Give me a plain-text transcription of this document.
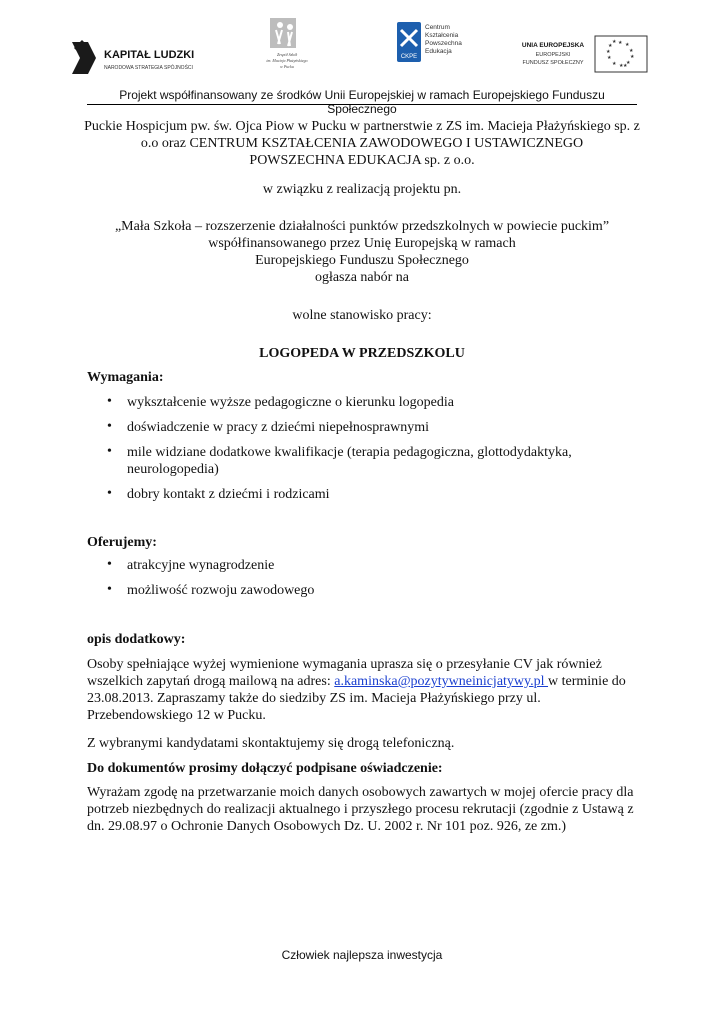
KAPITAŁ LUDZKI
NARODOWA STRATEGIA SPÓJNOŚCI
Zespół Szkół
im. Macieja Płażyńskiego
w Pucku
CKPE
Centrum
Kształcenia
Powszechna
Edukacja
UNIA EUROPEJSKA
EUROPEJSKI
FUNDUSZ SPOŁECZNY
★ ★
★
★
★
★
★
★
★
★
★
★
Projekt współfinansowany ze środków Unii Europejskiej w ramach Europejskiego Funduszu Społecznego
Puckie Hospicjum pw. św. Ojca Piow w Pucku w partnerstwie z ZS im. Macieja Płażyńskiego sp. z
o.o oraz CENTRUM KSZTAŁCENIA ZAWODOWEGO I USTAWICZNEGO
POWSZECHNA EDUKACJA sp. z o.o.
w związku z realizacją projektu pn.
„Mała Szkoła – rozszerzenie działalności punktów przedszkolnych w powiecie puckim”
współfinansowanego przez Unię Europejską w ramach
Europejskiego Funduszu Społecznego
ogłasza nabór na
wolne stanowisko pracy:
LOGOPEDA W PRZEDSZKOLU
Wymagania:
• wykształcenie wyższe pedagogiczne o kierunku logopedia
• doświadczenie w pracy z dziećmi niepełnosprawnymi
• mile widziane dodatkowe kwalifikacje (terapia pedagogiczna, glottodydaktyka, neurologopedia)
• dobry kontakt z dziećmi i rodzicami
Oferujemy:
• atrakcyjne wynagrodzenie
• możliwość rozwoju zawodowego
opis dodatkowy:
Osoby spełniające wyżej wymienione wymagania uprasza się o przesyłanie CV jak również wszelkich zapytań drogą mailową na adres: a.kaminska@pozytywneinicjatywy.pl w terminie do 23.08.2013. Zapraszamy także do siedziby ZS im. Macieja Płażyńskiego przy ul. Przebendowskiego 12 w Pucku.
Z wybranymi kandydatami skontaktujemy się drogą telefoniczną.
Do dokumentów prosimy dołączyć podpisane oświadczenie:
Wyrażam zgodę na przetwarzanie moich danych osobowych zawartych w mojej ofercie pracy dla potrzeb niezbędnych do realizacji aktualnego i przyszłego procesu rekrutacji (zgodnie z Ustawą z dn. 29.08.97 o Ochronie Danych Osobowych Dz. U. 2002 r. Nr 101 poz. 926, ze zm.)
Człowiek najlepsza inwestycja
